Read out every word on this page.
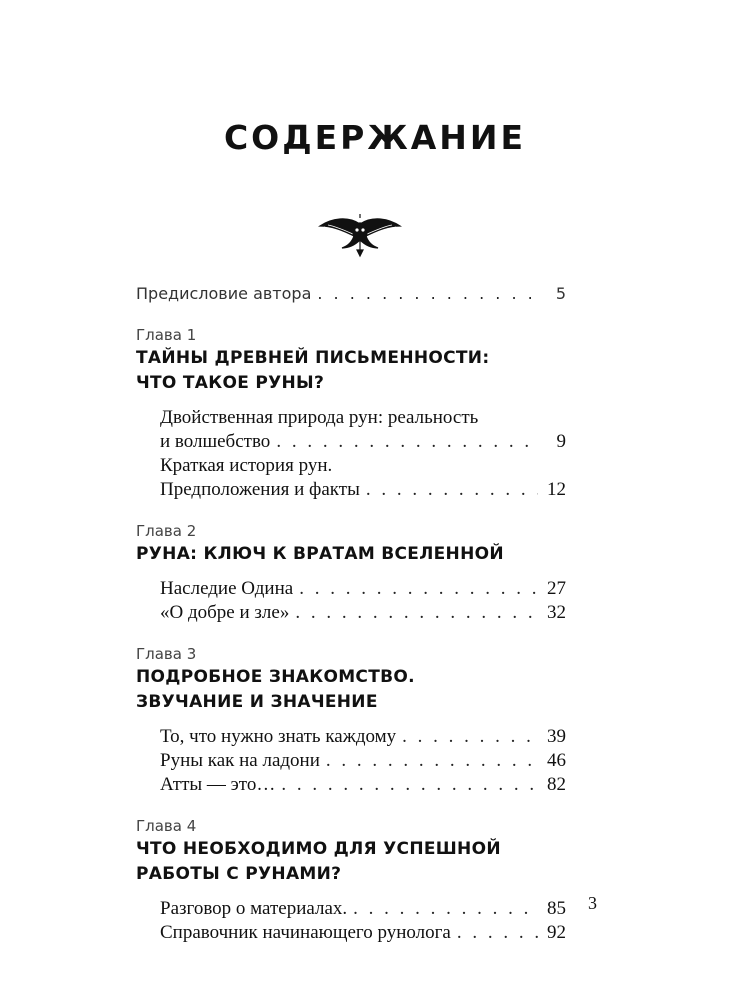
СОДЕРЖАНИЕ
Предисловие автора . . .	5
Глава 1
ТАЙНЫ ДРЕВНЕЙ ПИСЬМЕННОСТИ:
ЧТО ТАКОЕ РУНЫ?
Двойственная природа рун: реальность
и волшебство . . .	9
Краткая история рун.
Предположения и факты . . .	12
Глава 2
РУНА: КЛЮЧ К ВРАТАМ ВСЕЛЕННОЙ
Наследие Одина . . .	27
«О добре и зле» . . .	32
Глава 3
ПОДРОБНОЕ ЗНАКОМСТВО.
ЗВУЧАНИЕ И ЗНАЧЕНИЕ
То, что нужно знать каждому . . .	39
Руны как на ладони . . .	46
Атты — это… . . .	82
Глава 4
ЧТО НЕОБХОДИМО ДЛЯ УСПЕШНОЙ
РАБОТЫ С РУНАМИ?
Разговор о материалах. . . .	85
Справочник начинающего рунолога . . .	92
3
